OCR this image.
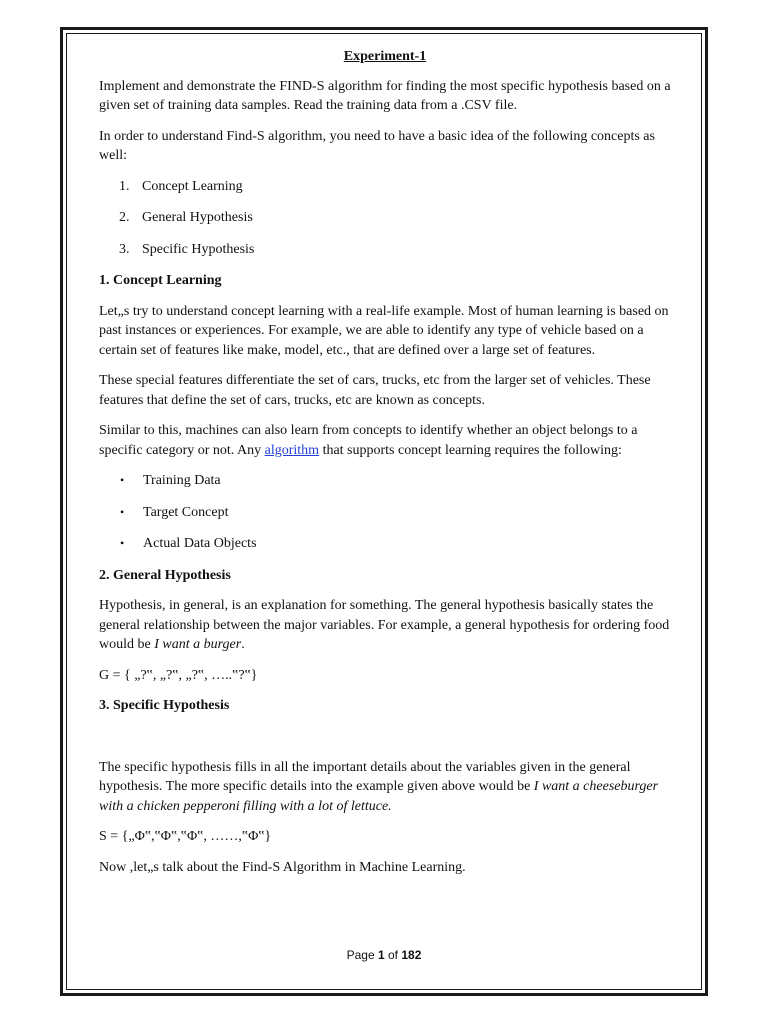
Experiment-1

Implement and demonstrate the FIND-S algorithm for finding the most specific hypothesis based on a given set of training data samples. Read the training data from a .CSV file.

In order to understand Find-S algorithm, you need to have a basic idea of the following concepts as well:

1. Concept Learning
2. General Hypothesis
3. Specific Hypothesis
1. Concept Learning

Let„s try to understand concept learning with a real-life example. Most of human learning is based on past instances or experiences. For example, we are able to identify any type of vehicle based on a certain set of features like make, model, etc., that are defined over a large set of features.

These special features differentiate the set of cars, trucks, etc from the larger set of vehicles. These features that define the set of cars, trucks, etc are known as concepts.

Similar to this, machines can also learn from concepts to identify whether an object belongs to a specific category or not. Any algorithm that supports concept learning requires the following:

• Training Data
• Target Concept
• Actual Data Objects
2. General Hypothesis

Hypothesis, in general, is an explanation for something. The general hypothesis basically states the general relationship between the major variables. For example, a general hypothesis for ordering food would be I want a burger.

G = { „?‟, „?‟, „?‟, …..‟?‟}

3. Specific Hypothesis

The specific hypothesis fills in all the important details about the variables given in the general hypothesis. The more specific details into the example given above would be I want a cheeseburger with a chicken pepperoni filling with a lot of lettuce.

S = {„Φ‟,‟Φ‟,‟Φ‟, ……,‟Φ‟}

Now ,let„s talk about the Find-S Algorithm in Machine Learning.

Page 1 of 182
